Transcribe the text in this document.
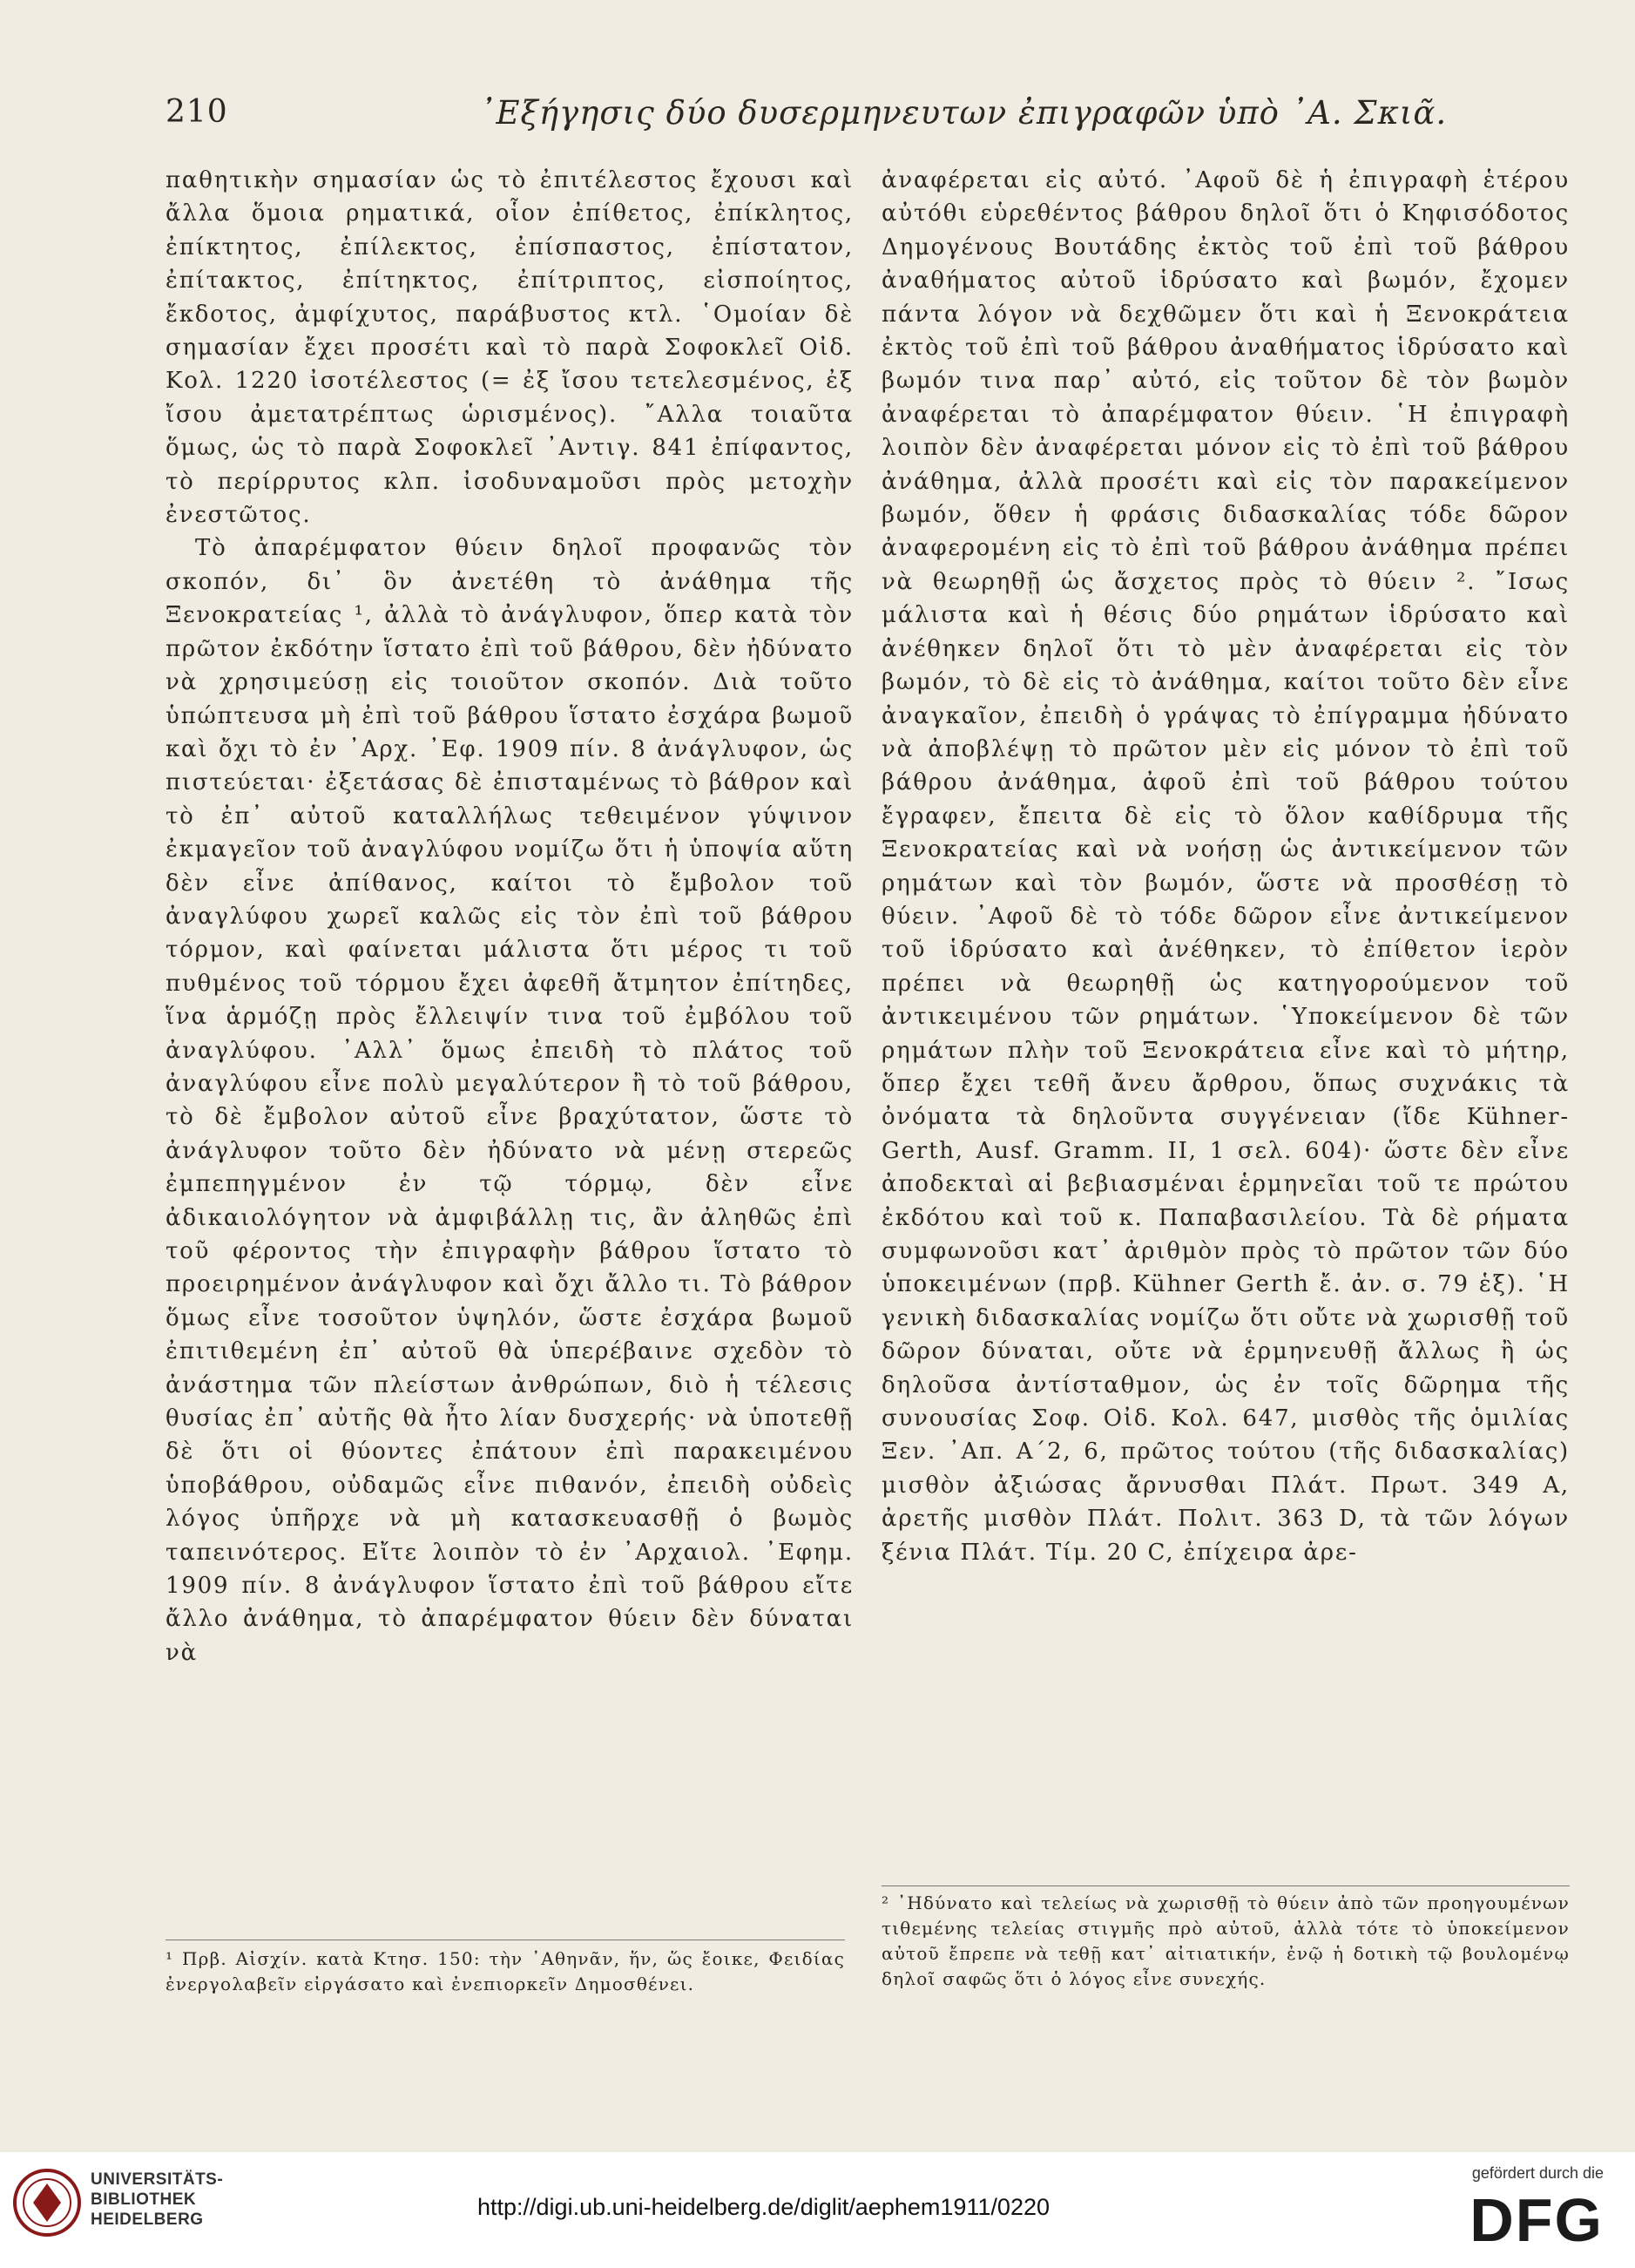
210	᾿Εξήγησις δύο δυσερμηνευτων ἐπιγραφῶν ὑπὸ ᾿Α. Σκιᾶ.

παθητικὴν σημασίαν ὡς τὸ ἐπιτέλεστος ἔχουσι καὶ ἄλλα ὅμοια ρηματικά, οἷον ἐπίθετος, ἐπίκλητος, ἐπίκτητος, ἐπίλεκτος, ἐπίσπαστος, ἐπίστατον, ἐπίτακτος, ἐπίτηκτος, ἐπίτριπτος, εἰσποίητος, ἔκδοτος, ἀμφίχυτος, παράβυστος κτλ. ῾Ομοίαν δὲ σημασίαν ἔχει προσέτι καὶ τὸ παρὰ Σοφοκλεῖ Οἰδ. Κολ. 1220 ἰσοτέλεστος (= ἐξ ἴσου τετελεσμένος, ἐξ ἴσου ἀμετατρέπτως ὡρισμένος). ῎Αλλα τοιαῦτα ὅμως, ὡς τὸ παρὰ Σοφοκλεῖ ᾿Αντιγ. 841 ἐπίφαντος, τὸ περίρρυτος κλπ. ἰσοδυναμοῦσι πρὸς μετοχὴν ἐνεστῶτος.

Τὸ ἀπαρέμφατον θύειν δηλοῖ προφανῶς τὸν σκοπόν, δι᾿ ὃν ἀνετέθη τὸ ἀνάθημα τῆς Ξενοκρατείας ¹, ἀλλὰ τὸ ἀνάγλυφον, ὅπερ κατὰ τὸν πρῶτον ἐκδότην ἵστατο ἐπὶ τοῦ βάθρου, δὲν ἠδύνατο νὰ χρησιμεύσῃ εἰς τοιοῦτον σκοπόν. Διὰ τοῦτο ὑπώπτευσα μὴ ἐπὶ τοῦ βάθρου ἵστατο ἐσχάρα βωμοῦ καὶ ὄχι τὸ ἐν ᾿Αρχ. ᾿Εφ. 1909 πίν. 8 ἀνάγλυφον, ὡς πιστεύεται· ἐξετάσας δὲ ἐπισταμένως τὸ βάθρον καὶ τὸ ἐπ᾿ αὐτοῦ καταλλήλως τεθειμένον γύψινον ἐκμαγεῖον τοῦ ἀναγλύφου νομίζω ὅτι ἡ ὑποψία αὕτη δὲν εἶνε ἀπίθανος, καίτοι τὸ ἔμβολον τοῦ ἀναγλύφου χωρεῖ καλῶς εἰς τὸν ἐπὶ τοῦ βάθρου τόρμον, καὶ φαίνεται μάλιστα ὅτι μέρος τι τοῦ πυθμένος τοῦ τόρμου ἔχει ἀφεθῆ ἄτμητον ἐπίτηδες, ἵνα ἁρμόζῃ πρὸς ἔλλειψίν τινα τοῦ ἐμβόλου τοῦ ἀναγλύφου. ᾿Αλλ᾿ ὅμως ἐπειδὴ τὸ πλάτος τοῦ ἀναγλύφου εἶνε πολὺ μεγαλύτερον ἢ τὸ τοῦ βάθρου, τὸ δὲ ἔμβολον αὐτοῦ εἶνε βραχύτατον, ὥστε τὸ ἀνάγλυφον τοῦτο δὲν ἠδύνατο νὰ μένῃ στερεῶς ἐμπεπηγμένον ἐν τῷ τόρμῳ, δὲν εἶνε ἀδικαιολόγητον νὰ ἀμφιβάλλῃ τις, ἂν ἀληθῶς ἐπὶ τοῦ φέροντος τὴν ἐπιγραφὴν βάθρου ἵστατο τὸ προειρημένον ἀνάγλυφον καὶ ὄχι ἄλλο τι. Τὸ βάθρον ὅμως εἶνε τοσοῦτον ὑψηλόν, ὥστε ἐσχάρα βωμοῦ ἐπιτιθεμένη ἐπ᾿ αὐτοῦ θὰ ὑπερέβαινε σχεδὸν τὸ ἀνάστημα τῶν πλείστων ἀνθρώπων, διὸ ἡ τέλεσις θυσίας ἐπ᾿ αὐτῆς θὰ ἦτο λίαν δυσχερής· νὰ ὑποτεθῇ δὲ ὅτι οἱ θύοντες ἐπάτουν ἐπὶ παρακειμένου ὑποβάθρου, οὐδαμῶς εἶνε πιθανόν, ἐπειδὴ οὐδεὶς λόγος ὑπῆρχε νὰ μὴ κατασκευασθῇ ὁ βωμὸς ταπεινότερος. Εἴτε λοιπὸν τὸ ἐν ᾿Αρχαιολ. ᾿Εφημ. 1909 πίν. 8 ἀνάγλυφον ἵστατο ἐπὶ τοῦ βάθρου εἴτε ἄλλο ἀνάθημα, τὸ ἀπαρέμφατον θύειν δὲν δύναται νὰ

ἀναφέρεται εἰς αὐτό. ᾿Αφοῦ δὲ ἡ ἐπιγραφὴ ἑτέρου αὐτόθι εὑρεθέντος βάθρου δηλοῖ ὅτι ὁ Κηφισόδοτος Δημογένους Βουτάδης ἐκτὸς τοῦ ἐπὶ τοῦ βάθρου ἀναθήματος αὐτοῦ ἱδρύσατο καὶ βωμόν, ἔχομεν πάντα λόγον νὰ δεχθῶμεν ὅτι καὶ ἡ Ξενοκράτεια ἐκτὸς τοῦ ἐπὶ τοῦ βάθρου ἀναθήματος ἱδρύσατο καὶ βωμόν τινα παρ᾿ αὐτό, εἰς τοῦτον δὲ τὸν βωμὸν ἀναφέρεται τὸ ἀπαρέμφατον θύειν. ῾Η ἐπιγραφὴ λοιπὸν δὲν ἀναφέρεται μόνον εἰς τὸ ἐπὶ τοῦ βάθρου ἀνάθημα, ἀλλὰ προσέτι καὶ εἰς τὸν παρακείμενον βωμόν, ὅθεν ἡ φράσις διδασκαλίας τόδε δῶρον ἀναφερομένη εἰς τὸ ἐπὶ τοῦ βάθρου ἀνάθημα πρέπει νὰ θεωρηθῇ ὡς ἄσχετος πρὸς τὸ θύειν ². ῎Ισως μάλιστα καὶ ἡ θέσις δύο ρημάτων ἱδρύσατο καὶ ἀνέθηκεν δηλοῖ ὅτι τὸ μὲν ἀναφέρεται εἰς τὸν βωμόν, τὸ δὲ εἰς τὸ ἀνάθημα, καίτοι τοῦτο δὲν εἶνε ἀναγκαῖον, ἐπειδὴ ὁ γράψας τὸ ἐπίγραμμα ἠδύνατο νὰ ἀποβλέψῃ τὸ πρῶτον μὲν εἰς μόνον τὸ ἐπὶ τοῦ βάθρου ἀνάθημα, ἀφοῦ ἐπὶ τοῦ βάθρου τούτου ἔγραφεν, ἔπειτα δὲ εἰς τὸ ὅλον καθίδρυμα τῆς Ξενοκρατείας καὶ νὰ νοήσῃ ὡς ἀντικείμενον τῶν ρημάτων καὶ τὸν βωμόν, ὥστε νὰ προσθέσῃ τὸ θύειν. ᾿Αφοῦ δὲ τὸ τόδε δῶρον εἶνε ἀντικείμενον τοῦ ἱδρύσατο καὶ ἀνέθηκεν, τὸ ἐπίθετον ἱερὸν πρέπει νὰ θεωρηθῇ ὡς κατηγορούμενον τοῦ ἀντικειμένου τῶν ρημάτων. ῾Υποκείμενον δὲ τῶν ρημάτων πλὴν τοῦ Ξενοκράτεια εἶνε καὶ τὸ μήτηρ, ὅπερ ἔχει τεθῆ ἄνευ ἄρθρου, ὅπως συχνάκις τὰ ὀνόματα τὰ δηλοῦντα συγγένειαν (ἴδε Kühner-Gerth, Ausf. Gramm. II, 1 σελ. 604)· ὥστε δὲν εἶνε ἀποδεκταὶ αἱ βεβιασμέναι ἑρμηνεῖαι τοῦ τε πρώτου ἐκδότου καὶ τοῦ κ. Παπαβασιλείου. Τὰ δὲ ρήματα συμφωνοῦσι κατ᾿ ἀριθμὸν πρὸς τὸ πρῶτον τῶν δύο ὑποκειμένων (πρβ. Kühner Gerth ἔ. ἀν. σ. 79 ἑξ). ῾Η γενικὴ διδασκαλίας νομίζω ὅτι οὔτε νὰ χωρισθῇ τοῦ δῶρον δύναται, οὔτε νὰ ἑρμηνευθῇ ἄλλως ἢ ὡς δηλοῦσα ἀντίσταθμον, ὡς ἐν τοῖς δῶρημα τῆς συνουσίας Σοφ. Οἰδ. Κολ. 647, μισθὸς τῆς ὁμιλίας Ξεν. ᾿Απ. Α΄2, 6, πρῶτος τούτου (τῆς διδασκαλίας) μισθὸν ἀξιώσας ἄρνυσθαι Πλάτ. Πρωτ. 349 A, ἀρετῆς μισθὸν Πλάτ. Πολιτ. 363 D, τὰ τῶν λόγων ξένια Πλάτ. Τίμ. 20 C, ἐπίχειρα ἀρε-

¹ Πρβ. Αἰσχίν. κατὰ Κτησ. 150: τὴν ᾿Αθηνᾶν, ἥν, ὥς ἔοικε, Φειδίας ἐνεργολαβεῖν εἰργάσατο καὶ ἐνεπιορκεῖν Δημοσθένει.
² ᾿Ηδύνατο καὶ τελείως νὰ χωρισθῇ τὸ θύειν ἀπὸ τῶν προηγουμένων τιθεμένης τελείας στιγμῆς πρὸ αὐτοῦ, ἀλλὰ τότε τὸ ὑποκείμενον αὐτοῦ ἔπρεπε νὰ τεθῇ κατ᾿ αἰτιατικήν, ἐνῷ ἡ δοτικὴ τῷ βουλομένῳ δηλοῖ σαφῶς ὅτι ὁ λόγος εἶνε συνεχής.
UNIVERSITÄTS-
BIBLIOTHEK
HEIDELBERG	http://digi.ub.uni-heidelberg.de/diglit/aephem1911/0220
gefördert durch die
DFG
